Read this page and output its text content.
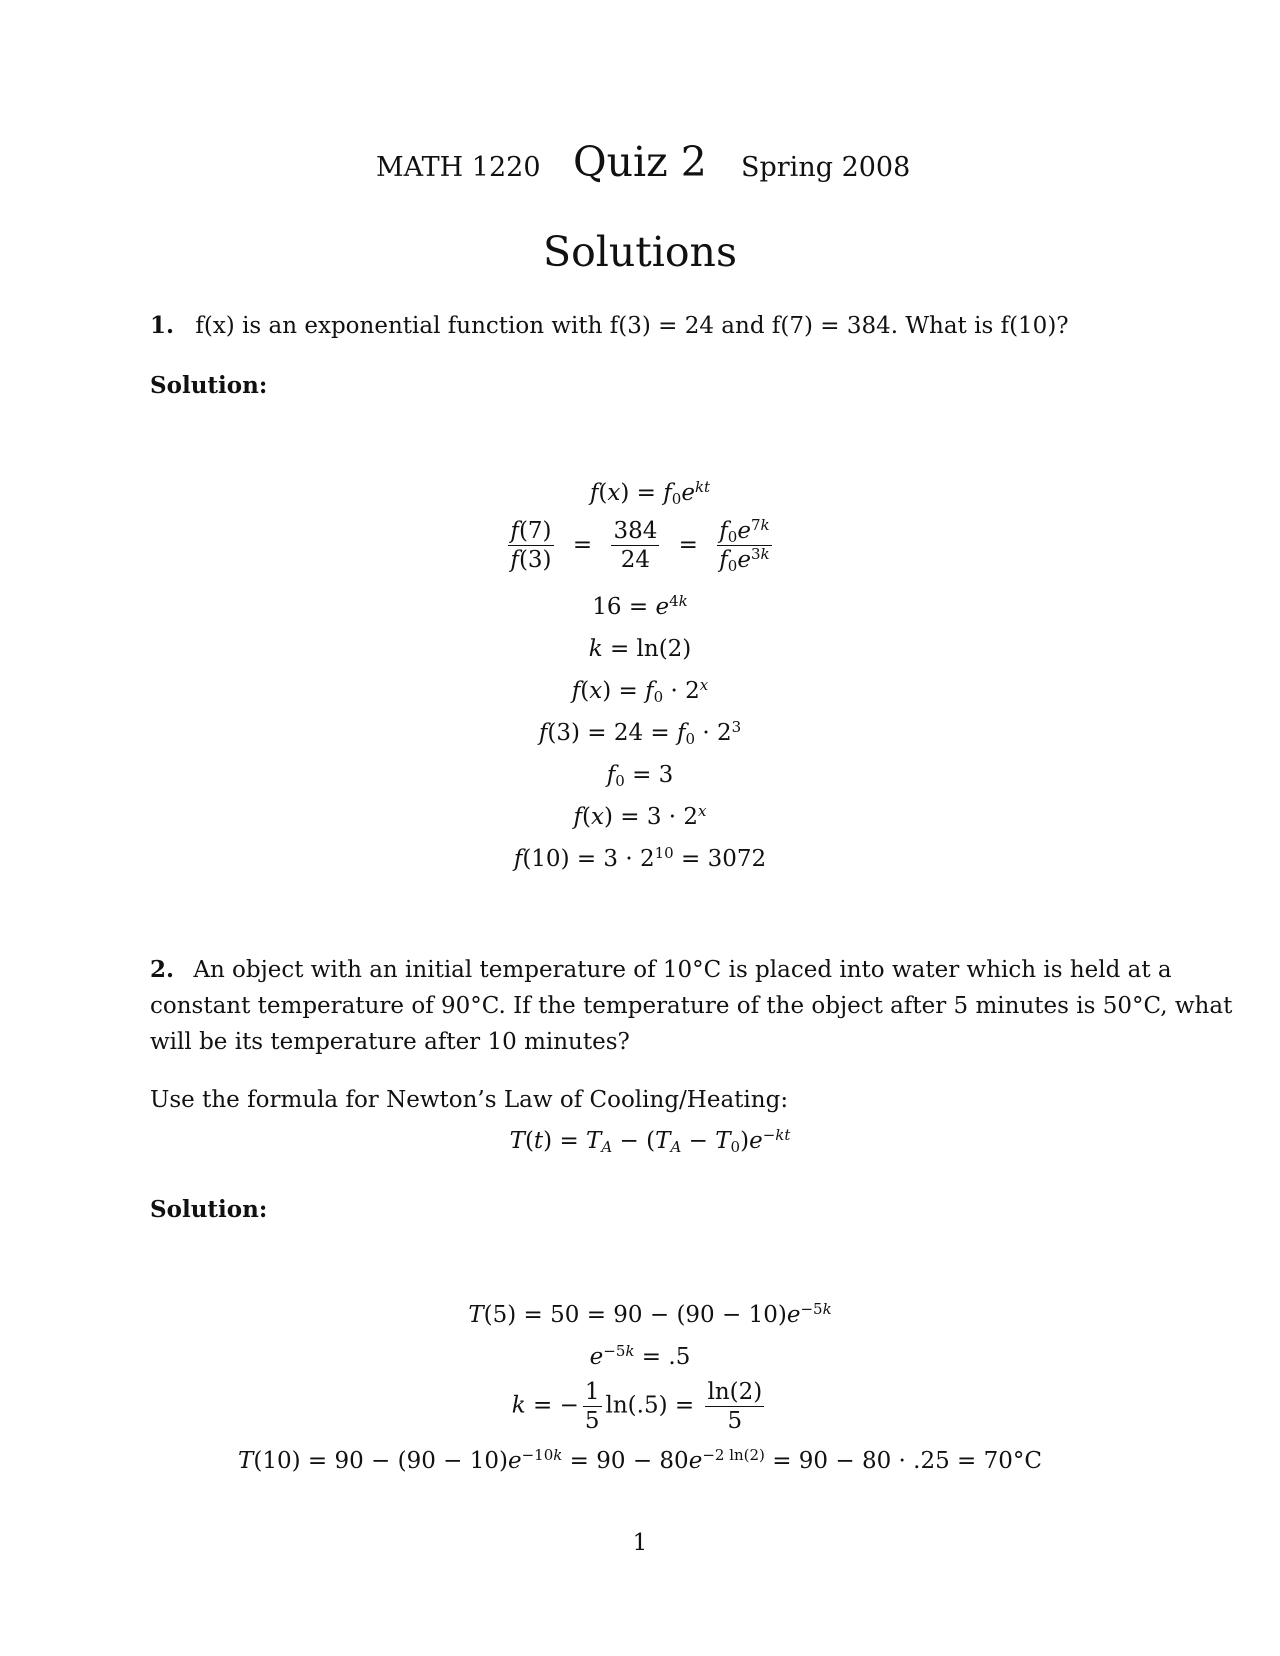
MATH 1220 Quiz 2 Spring 2008
Solutions
1. f(x) is an exponential function with f(3) = 24 and f(7) = 384. What is f(10)?
Solution:
$f(x) = f_0e^{kt}$
$\frac{f(7)}{f(3)} = \frac{384}{24} = \frac{f_0e^{7k}}{f_0e^{3k}}$
$16 = e^{4k}$
k = ln(2)
$f(x) = f_0 \cdot 2^x$
$f(3) = 24 = f_0 \cdot 2^3$
$f_0 = 3$
$f(x) = 3 \cdot 2^x$
$f(10) = 3 \cdot 2^{10} = 3072$
2. An object with an initial temperature of 10°C is placed into water which is held at a
constant temperature of 90°C. If the temperature of the object after 5 minutes is 50°C, what
will be its temperature after 10 minutes?
Use the formula for Newton’s Law of Cooling/Heating:
$T(t) = T_A - (T_A - T_0)e^{-kt}$
Solution:
$T(5) = 50 = 90 - (90 - 10)e^{-5k}$
$e^{-5k} = .5$
k = − $\frac{1}{5} \ln(.5) = \frac{\ln(2)}{5}$
$T(10) = 90 - (90 - 10)e^{-10k} = 90 - 80e^{-2 ln(2)} = 90 - 80 \cdot .25 = 70^\circ C$
1
